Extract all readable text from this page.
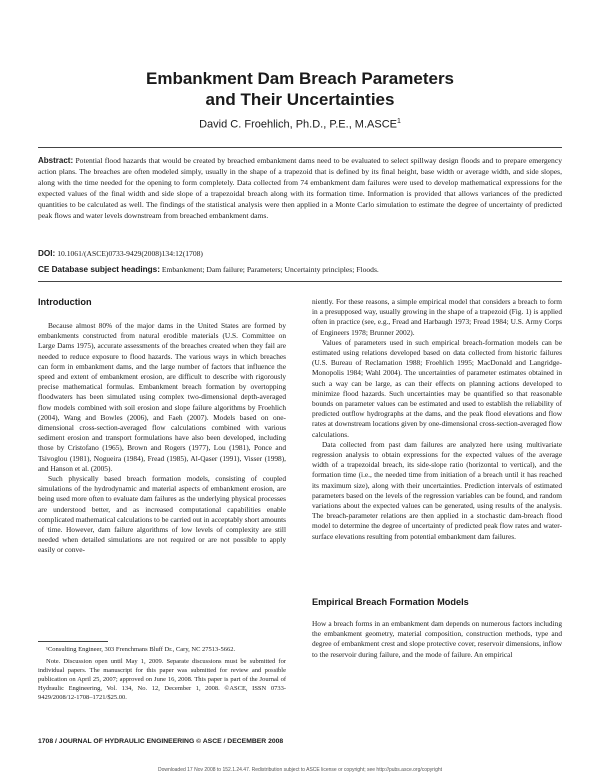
Embankment Dam Breach Parameters
and Their Uncertainties
David C. Froehlich, Ph.D., P.E., M.ASCE$^1$

Abstract: Potential flood hazards that would be created by breached embankment dams need to be evaluated to select spillway design floods and to prepare emergency action plans. The breaches are often modeled simply, usually in the shape of a trapezoid that is defined by its final height, base width or average width, and side slopes, along with the time needed for the opening to form completely. Data collected from 74 embankment dam failures were used to develop mathematical expressions for the expected values of the final width and side slope of a trapezoidal breach along with its formation time. Information is provided that allows variances of the predicted quantities to be calculated as well. The findings of the statistical analysis were then applied in a Monte Carlo simulation to estimate the degree of uncertainty of predicted peak flows and water levels downstream from breached embankment dams.

DOI: 10.1061/(ASCE)0733-9429(2008)134:12(1708)
CE Database subject headings: Embankment; Dam failure; Parameters; Uncertainty principles; Floods.
Introduction

Because almost 80% of the major dams in the United States are formed by embankments constructed from natural erodible materials (U.S. Committee on Large Dams 1975), accurate assessments of the breaches created when they fail are needed to reduce exposure to flood hazards. The various ways in which breaches can form in embankment dams, and the large number of factors that influence the speed and extent of embankment erosion, are difficult to describe with rigorously precise mathematical formulas. Embankment breach formation by overtopping floodwaters has been simulated using complex two-dimensional depth-averaged flow models combined with soil erosion and slope failure algorithms by Froehlich (2004), Wang and Bowles (2006), and Faeh (2007). Models based on one-dimensional cross-section-averaged flow calculations combined with various sediment erosion and transport formulations have also been developed, including those by Cristofano (1965), Brown and Rogers (1977), Lou (1981), Ponce and Tsivoglou (1981), Nogueira (1984), Fread (1985), Al-Qaser (1991), Visser (1998), and Hanson et al. (2005).

Such physically based breach formation models, consisting of coupled simulations of the hydrodynamic and material aspects of embankment erosion, are being used more often to evaluate dam failures as the underlying physical processes are understood better, and as increased computational capabilities enable complicated mathematical calculations to be carried out in acceptably short amounts of time. However, dam failure algorithms of low levels of complexity are still needed when detailed simulations are not required or are not possible to apply easily or conve-

¹Consulting Engineer, 303 Frenchmans Bluff Dr., Cary, NC 27513-5662.

Note. Discussion open until May 1, 2009. Separate discussions must be submitted for individual papers. The manuscript for this paper was submitted for review and possible publication on April 25, 2007; approved on June 16, 2008. This paper is part of the Journal of Hydraulic Engineering, Vol. 134, No. 12, December 1, 2008. ©ASCE, ISSN 0733-9429/2008/12-1708–1721/$25.00.

niently. For these reasons, a simple empirical model that considers a breach to form in a presupposed way, usually growing in the shape of a trapezoid (Fig. 1) is applied often in practice (see, e.g., Fread and Harbaugh 1973; Fread 1984; U.S. Army Corps of Engineers 1978; Brunner 2002).

Values of parameters used in such empirical breach-formation models can be estimated using relations developed based on data collected from historic failures (U.S. Bureau of Reclamation 1988; Froehlich 1995; MacDonald and Langridge-Monopolis 1984; Wahl 2004). The uncertainties of parameter estimates obtained in such a way can be large, as can their effects on planning actions developed to minimize flood hazards. Such uncertainties may be quantified so that reasonable bounds on parameter values can be estimated and used to establish the reliability of predicted outflow hydrographs at the dams, and the peak flood elevations and flow rates at downstream locations given by one-dimensional cross-section-averaged flow calculations.

Data collected from past dam failures are analyzed here using multivariate regression analysis to obtain expressions for the expected values of the average width of a trapezoidal breach, its side-slope ratio (horizontal to vertical), and the formation time (i.e., the needed time from initiation of a breach until it has reached its maximum size), along with their uncertainties. Prediction intervals of estimated parameters based on the levels of the regression variables can be found, and random variations about the expected values can be generated, using results of the analysis. The breach-parameter relations are then applied in a stochastic dam-breach flood model to determine the degree of uncertainty of predicted peak flow rates and water-surface elevations resulting from potential embankment dam failures.

Empirical Breach Formation Models

How a breach forms in an embankment dam depends on numerous factors including the embankment geometry, material composition, construction methods, type and degree of embankment crest and slope protective cover, reservoir dimensions, inflow to the reservoir during failure, and the mode of failure. An empirical

1708 / JOURNAL OF HYDRAULIC ENGINEERING © ASCE / DECEMBER 2008
Downloaded 17 Nov 2008 to 152.1.24.47. Redistribution subject to ASCE license or copyright; see http://pubs.asce.org/copyright
